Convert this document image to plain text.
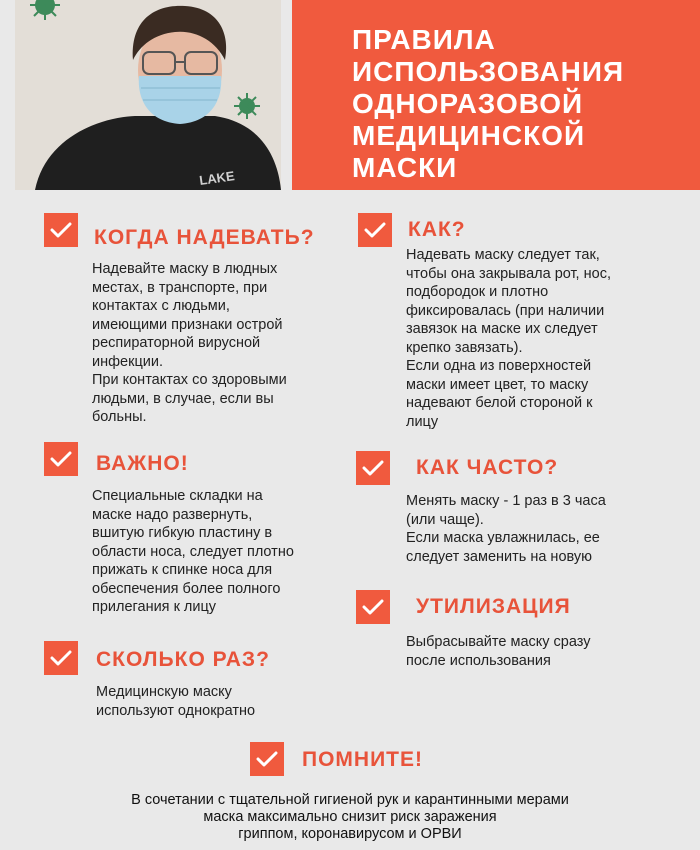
LAKE
ПРАВИЛА
ИСПОЛЬЗОВАНИЯ
ОДНОРАЗОВОЙ
МЕДИЦИНСКОЙ
МАСКИ
КОГДА НАДЕВАТЬ?

Надевайте маску в людных

местах, в транспорте, при

контактах с людьми,

имеющими признаки острой

респираторной вирусной

инфекции.

При контактах со здоровыми

людьми, в случае, если вы

больны.

КАК?

Надевать маску следует так,

чтобы она закрывала рот, нос,

подбородок и плотно

фиксировалась (при наличии

завязок на маске их следует

крепко завязать).

Если одна из поверхностей

маски имеет цвет, то маску

надевают белой стороной к

лицу

ВАЖНО!

Специальные складки на

маске надо развернуть,

вшитую гибкую пластину в

области носа, следует плотно

прижать к спинке носа для

обеспечения более полного

прилегания к лицу

КАК ЧАСТО?

Менять маску - 1 раз в 3 часа

(или чаще).

Если маска увлажнилась, ее

следует заменить на новую

СКОЛЬКО РАЗ?

Медицинскую маску

используют однократно

УТИЛИЗАЦИЯ

Выбрасывайте маску сразу

после использования

ПОМНИТЕ!
В сочетании с тщательной гигиеной рук и карантинными мерами
маска максимально снизит риск заражения
гриппом, коронавирусом и ОРВИ
